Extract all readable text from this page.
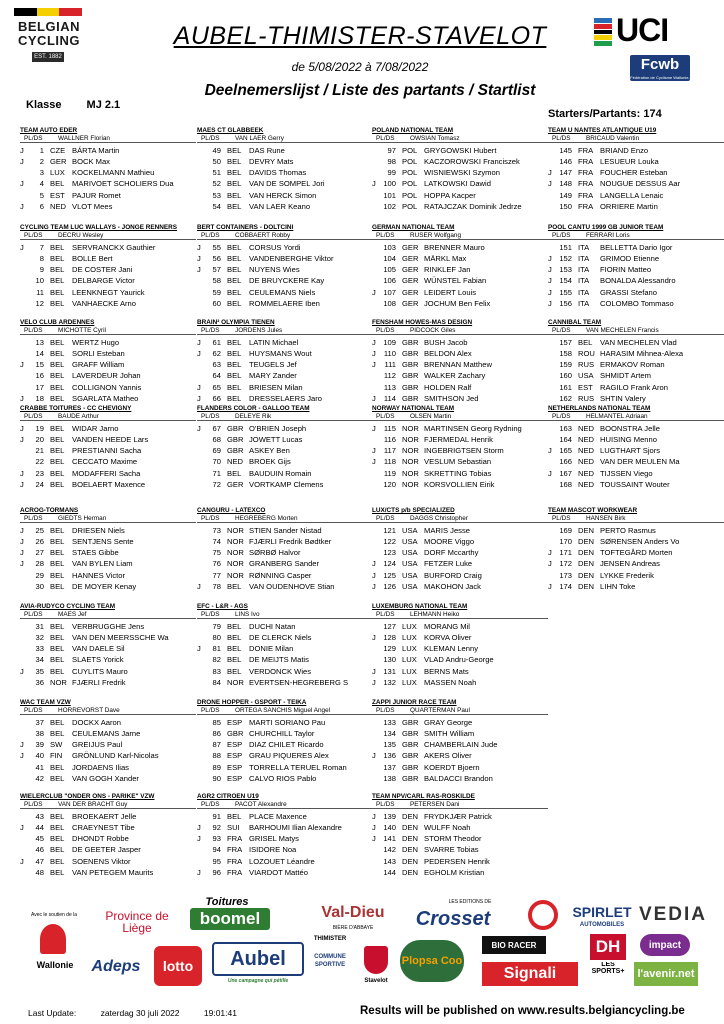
BELGIAN
CYCLING
EST. 1882
AUBEL-THIMISTER-STAVELOT
de 5/08/2022 à 7/08/2022
Deelnemerslijst / Liste des partants / Startlist
UCI
Fcwb
Fédération de Cyclisme Wallonie-Bruxelles
Klasse MJ 2.1
Starters/Partants: 174
TEAM AUTO EDER
PL/DS WALLNER Florian
J	1 CZE BÁRTA Martin
J	2 GER BOCK Max
3 LUX KOCKELMANN Mathieu
J	4 BEL	MARIVOET SCHOLIERS Dua
5 EST PAJUR Romet
J	6 NED VLOT Mees
CYCLING TEAM LUC WALLAYS - JONGE RENNERS
PL/DS DECRU Wesley
J	7 BEL	SERVRANCKX Gauthier
8 BEL	BOLLE Bert
9 BEL	DE COSTER Jani
10 BEL	DELBARGE Victor
11 BEL	LEENKNEGT Yaurick
12 BEL	VANHAECKE Arno
VELO CLUB ARDENNES
PL/DS MICHOTTE Cyril
13 BEL	WERTZ Hugo
14 BEL	SORLI Esteban
J	15 BEL	GRAFF William
16 BEL	LAVERDEUR Johan
17 BEL	COLLIGNON Yannis
J	18 BEL	SGARLATA Matheo
CRABBE TOITURES - CC CHEVIGNY
PL/DS BAUDE Arthur
J	19 BEL	WIDAR Jarno
J	20 BEL	VANDEN HEEDE Lars
21 BEL	PRESTIANNI Sacha
22 BEL	CECCATO Maxime
J	23 BEL	MODAFFERI Sacha
J	24 BEL	BOELAERT Maxence
ACROG-TORMANS
PL/DS GIEDTS Herman
J	25 BEL	DRIESEN Niels
J	26 BEL	SENTJENS Sente
J	27 BEL	STAES Gibbe
J	28 BEL	VAN BYLEN Liam
29 BEL	HANNES Victor
30 BEL	DE MOYER Kenay
AVIA-RUDYCO CYCLING TEAM
PL/DS MAES Jef
31 BEL	VERBRUGGHE Jens
32 BEL	VAN DEN MEERSSCHE Wa
33 BEL	VAN DAELE Sil
34 BEL	SLAETS Yorick
J	35 BEL	CUYLITS Mauro
36 NOR FJÆRLI Fredrik
WAC TEAM VZW
PL/DS HORREVORST Dave
37 BEL	DOCKX Aaron
38 BEL	CEULEMANS Jarne
J	39 SW	GREIJUS Paul
J	40 FIN	GRÖNLUND Karl-Nicolas
41 BEL	JORDAENS Ilias
42 BEL	VAN GOGH Xander
WIELERCLUB "ONDER ONS - PARIKE" VZW
PL/DS VAN DER BRACHT Guy
43 BEL	BROEKAERT Jelle
J	44 BEL	CRAEYNEST Tibe
45 BEL	DHONDT Robbe
46 BEL	DE GEETER Jasper
J	47 BEL	SOENENS Viktor
48 BEL	VAN PETEGEM Maurits
MAES CT GLABBEEK
PL/DS VAN LAER Gerry
49 BEL	DAS Rune
50 BEL	DEVRY Mats
51 BEL	DAVIDS Thomas
52 BEL	VAN DE SOMPEL Jori
53 BEL	VAN HERCK Simon
54 BEL	VAN LAER Keano
BERT CONTAINERS - DOLTCINI
PL/DS COBBAERT Robby
J	55 BEL	CORSUS Yordi
J	56 BEL	VANDENBERGHE Viktor
J	57 BEL	NUYENS Wies
58 BEL	DE BRUYCKERE Kay
59 BEL	CEULEMANS Niels
60 BEL	ROMMELAERE Iben
BRAIN² OLYMPIA TIENEN
PL/DS JORDENS Jules
J	61 BEL	LATIN Michael
J	62 BEL	HUYSMANS Wout
63 BEL	TEUGELS Jef
64 BEL	MARY Zander
J	65 BEL	BRIESEN Milan
J	66 BEL	DRESSELAERS Jaro
FLANDERS COLOR - GALLOO TEAM
PL/DS DELEYE Rik
J	67 GBR O'BRIEN Joseph
68 GBR JOWETT Lucas
69 GBR ASKEY Ben
70 NED BROEK Gijs
71 BEL	BAUDUIN Romain
72 GER VORTKAMP Clemens
CANGURU - LATEXCO
PL/DS HEGREBERG Morten
73 NOR STIEN Sander Nistad
74 NOR FJÆRLI Fredrik Bødtker
75 NOR SØRBØ Halvor
76 NOR GRANBERG Sander
77 NOR RØNNING Casper
J	78 BEL	VAN OUDENHOVE Stian
EFC - L&R - AGS
PL/DS LINS Ivo
79 BEL	DUCHI Natan
80 BEL	DE CLERCK Niels
J	81 BEL	DONIE Milan
82 BEL	DE MEIJTS Matis
83 BEL	VERDONCK Wies
84 NOR EVERTSEN-HEGREBERG S
DRONE HOPPER - GSPORT - TEIKA
PL/DS ORTEGA SANCHIS Miguel Angel
85 ESP MARTI SORIANO Pau
86 GBR CHURCHILL Taylor
87 ESP DIAZ CHILET Ricardo
88 ESP GRAU PIQUERES Alex
89 ESP TORRELLA TERUEL Roman
90 ESP CALVO RIOS Pablo
AGR2 CITROEN U19
PL/DS PACOT Alexandre
91 BEL	PLACE Maxence
J	92 SUI	BARHOUMI Ilian Alexandre
J	93 FRA GRISEL Matys
94 FRA ISIDORE Noa
95 FRA LOZOUET Léandre
J	96 FRA VIARDOT Mattéo
POLAND NATIONAL TEAM
PL/DS OWSIAN Tomasz
97 POL GRYGOWSKI Hubert
98 POL KACZOROWSKI Franciszek
99 POL WISNIEWSKI Szymon
J 100 POL LATKOWSKI Dawid
101 POL HOPPA Kacper
102 POL RATAJCZAK Dominik Jedrze
GERMAN NATIONAL TEAM
PL/DS RUSER Wolfgang
103 GER BRENNER Mauro
104 GER MÄRKL Max
105 GER RINKLEF Jan
106 GER WÜNSTEL Fabian
J 107 GER LEIDERT Louis
108 GER JOCHUM Ben Felix
FENSHAM HOWES-MAS DESIGN
PL/DS PIDCOCK Giles
J 109 GBR BUSH Jacob
J	110 GBR BELDON Alex
J	111 GBR BRENNAN Matthew
112 GBR WALKER Zachary
113 GBR HOLDEN Ralf
J	114 GBR SMITHSON Jed
NORWAY NATIONAL TEAM
PL/DS OLSEN Martin
J	115 NOR MARTINSEN Georg Rydning
116 NOR FJERMEDAL Henrik
J	117 NOR INGEBRIGTSEN Storm
J	118 NOR VESLUM Sebastian
119 NOR SKRETTING Tobias
120 NOR KORSVOLLIEN Eirik
LUX/CTS p/b SPECIALIZED
PL/DS DAGGS Christopher
121 USA MARIS Jesse
122 USA MOORE Viggo
123 USA DORF Mccarthy
J 124 USA FETZER Luke
J 125 USA BURFORD Craig
J 126 USA MAKOHON Jack
LUXEMBURG NATIONAL TEAM
PL/DS LEHMANN Heiko
127 LUX MORANG Mil
J 128 LUX KORVA Oliver
129 LUX KLEMAN Lenny
130 LUX VLAD Andru-George
J 131 LUX BERNS Mats
J 132 LUX MASSEN Noah
ZAPPI JUNIOR RACE TEAM
PL/DS QUARTERMAN Paul
133 GBR GRAY George
134 GBR SMITH William
135 GBR CHAMBERLAIN Jude
J 136 GBR AKERS Oliver
137 GBR KOERDT Bjoern
138 GBR BALDACCI Brandon
TEAM NPV/CARL RAS-ROSKILDE
PL/DS PETERSEN Dani
J 139 DEN FRYDKJÆR Patrick
J 140 DEN WULFF Noah
J 141 DEN STORM Theodor
142 DEN SVARRE Tobias
143 DEN PEDERSEN Henrik
144 DEN EGHOLM Kristian
TEAM U NANTES ATLANTIQUE U19
PL/DS BRICAUD Valentin
145 FRA BRIAND Enzo
146 FRA LESUEUR Louka
J 147 FRA FOUCHER Esteban
J 148 FRA NOUGUE DESSUS Aar
149 FRA LANGELLA Lenaic
150 FRA ORRIERE Martin
POOL CANTU 1999 GB JUNIOR TEAM
PL/DS FERRARI Loris
151 ITA	BELLETTA Dario Igor
J 152 ITA	GRIMOD Etienne
J 153 ITA	FIORIN Matteo
J 154 ITA	BONALDA Alessandro
J 155 ITA	GRASSI Stefano
J 156 ITA	COLOMBO Tommaso
CANNIBAL TEAM
PL/DS VAN MECHELEN Francis
157 BEL	VAN MECHELEN Vlad
158 ROU HARASIM Mihnea-Alexa
159 RUS ERMAKOV Roman
160 USA SHMIDT Artem
161 EST RAGILO Frank Aron
162 RUS SHTIN Valery
NETHERLANDS NATIONAL TEAM
PL/DS HELMANTEL Adriaan
163 NED BOONSTRA Jelle
164 NED HUISING Menno
J 165 NED LUGTHART Sjors
166 NED VAN DER MEULEN Ma
J 167 NED TIJSSEN Viego
168 NED TOUSSAINT Wouter
TEAM MASCOT WORKWEAR
PL/DS HANSEN Birk
169 DEN PERTO Rasmus
170 DEN SØRENSEN Anders Vo
J 171 DEN TOFTEGÅRD Morten
J 172 DEN JENSEN Andreas
173 DEN LYKKE Frederik
J 174 DEN LIHN Toke
Avec le soutien de la
Wallonie
Province de Liège
Toitures
boomel	Val-Dieu
BIÈRE D'ABBAYE
LES EDITIONS DE
Crosset	SPIRLET
AUTOMOBILES VEDIA
Adeps	lotto	Aubel
Une campagne qui pétille
THIMISTER
COMMUNE SPORTIVE
Stavelot
Plopsa Coo
BIO RACER
Signali
DH
LES SPORTS+
impact
l'avenir.net
Last Update:	zaterdag 30 juli 2022	19:01:41	Results will be published on www.results.belgiancycling.be
